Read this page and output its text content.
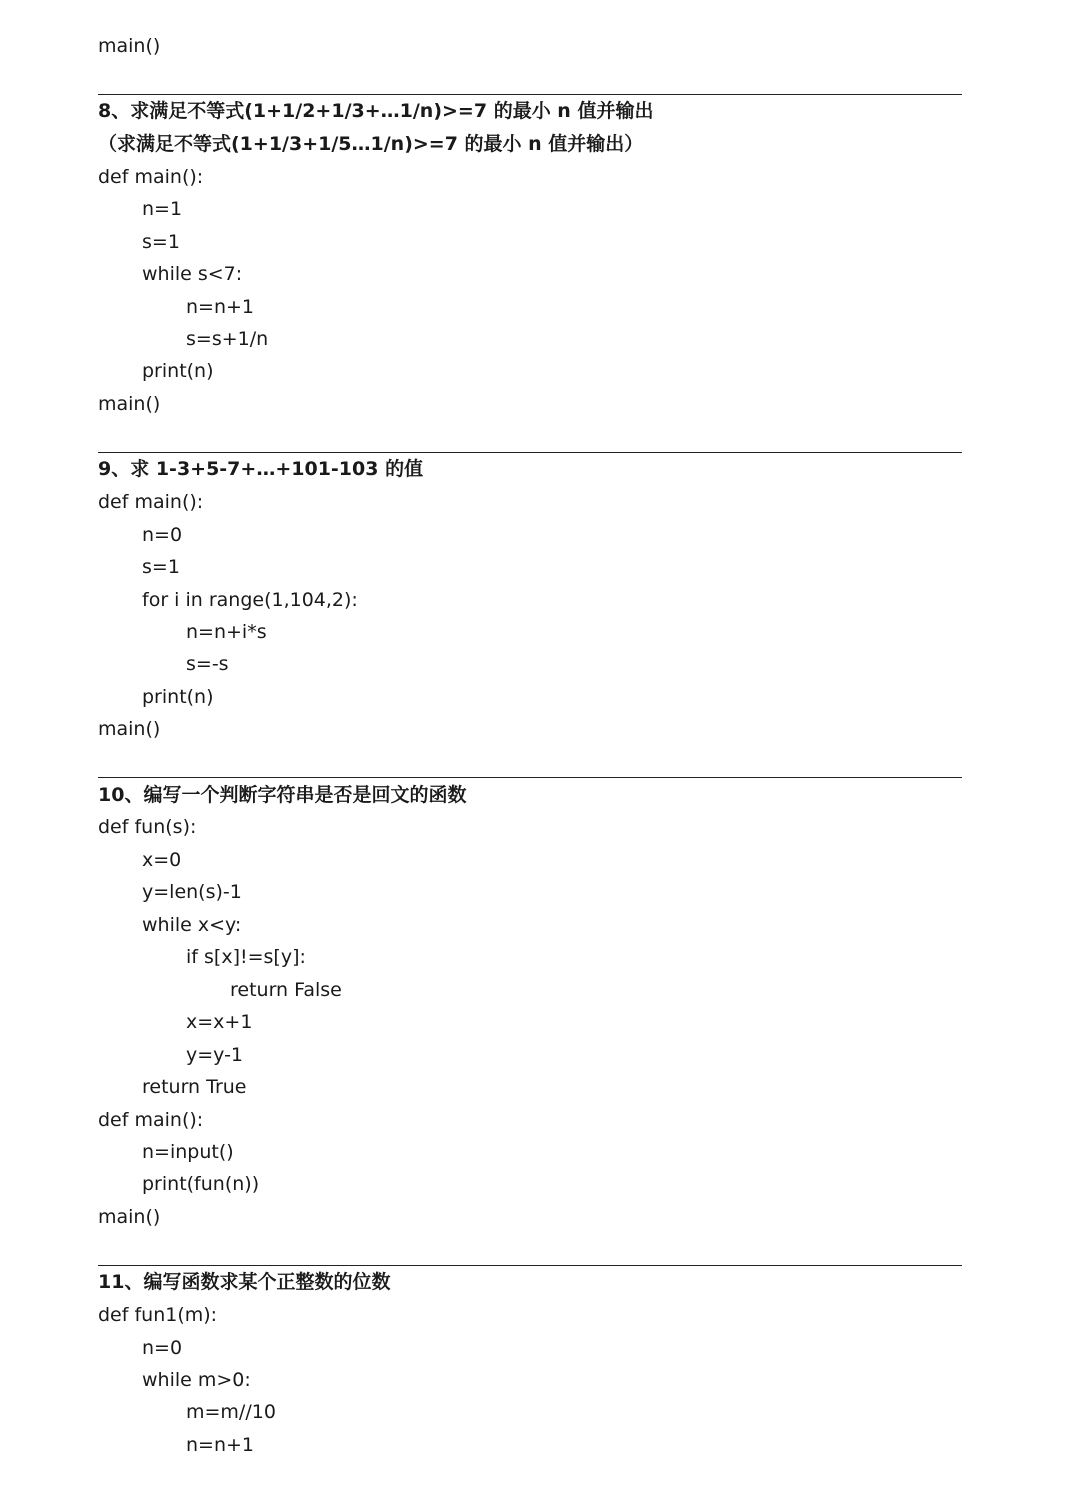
main()
8、求满足不等式(1+1/2+1/3+…1/n)>=7 的最小 n 值并输出
（求满足不等式(1+1/3+1/5…1/n)>=7 的最小 n 值并输出）
def main():
n=1
s=1
while s<7:
n=n+1
s=s+1/n
print(n)
main()
9、求 1-3+5-7+…+101-103 的值
def main():
n=0
s=1
for i in range(1,104,2):
n=n+i*s
s=-s
print(n)
main()
10、编写一个判断字符串是否是回文的函数
def fun(s):
x=0
y=len(s)-1
while x<y:
if s[x]!=s[y]:
return False
x=x+1
y=y-1
return True
def main():
n=input()
print(fun(n))
main()
11、编写函数求某个正整数的位数
def fun1(m):
n=0
while m>0:
m=m//10
n=n+1
